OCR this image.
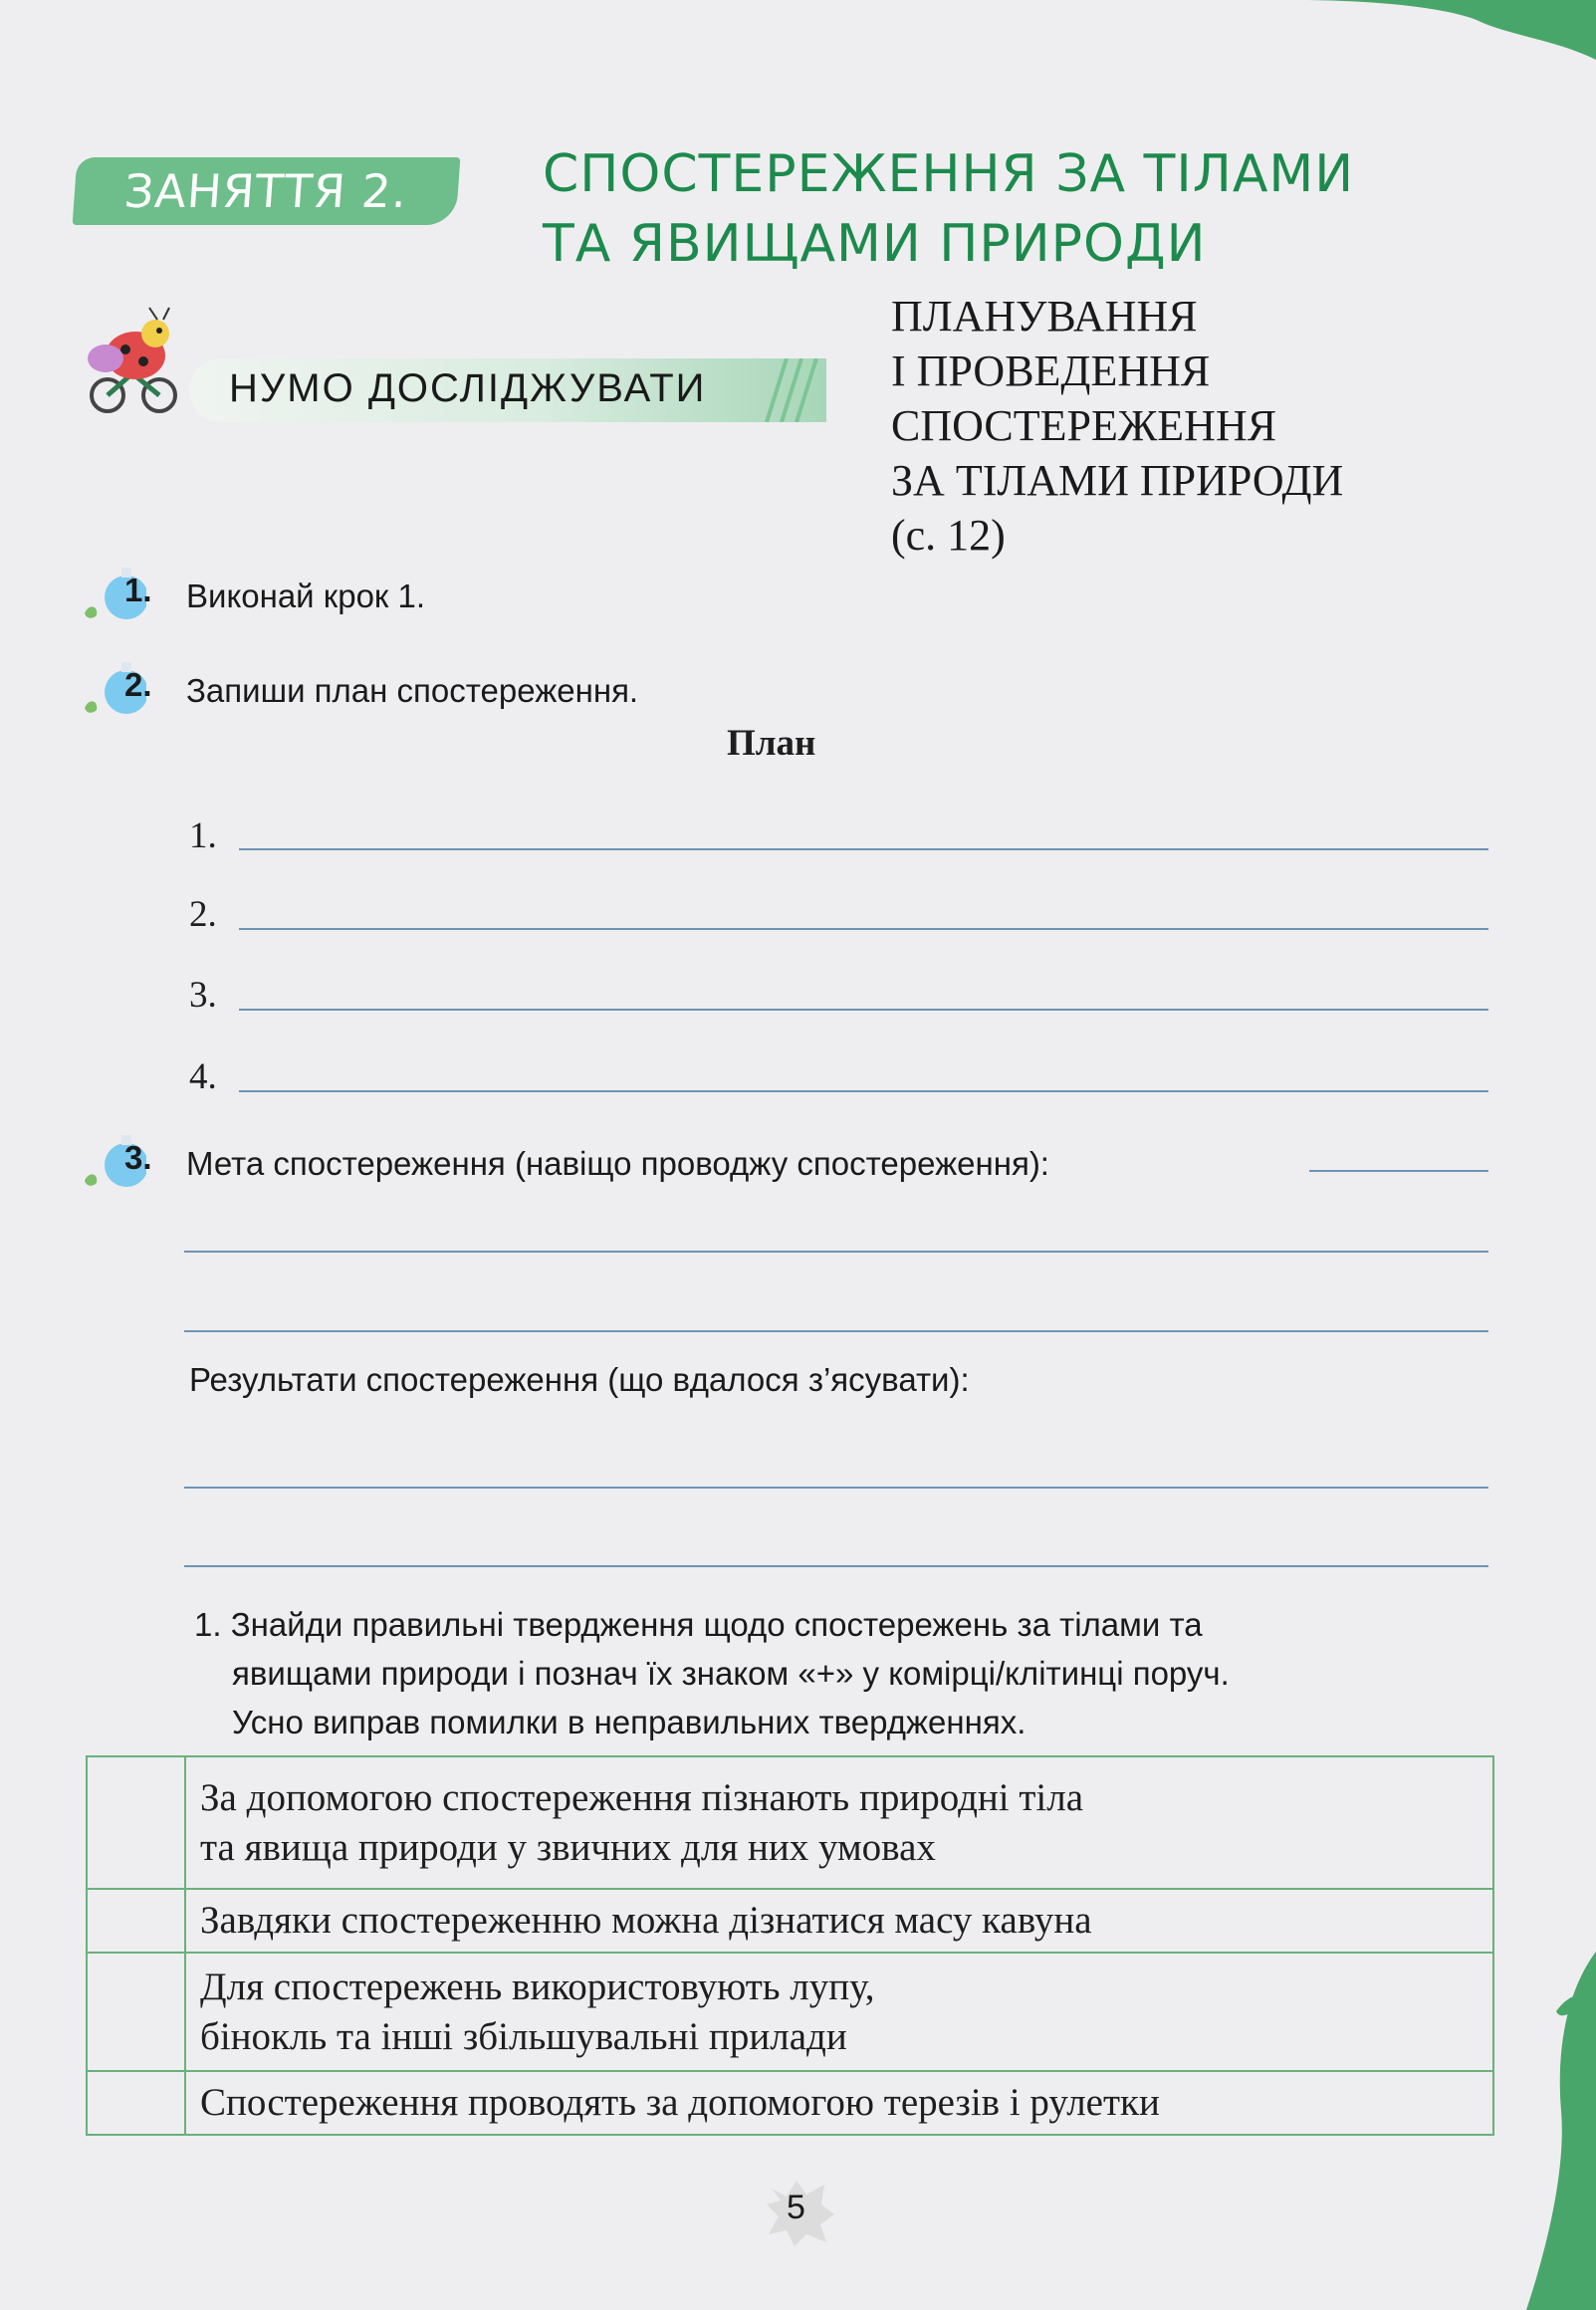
ЗАНЯТТЯ 2.	СПОСТЕРЕЖЕННЯ ЗА ТІЛАМИ
ТА ЯВИЩАМИ ПРИРОДИ
НУМО ДОСЛІДЖУВАТИ
ПЛАНУВАННЯ
І ПРОВЕДЕННЯ
СПОСТЕРЕЖЕННЯ
ЗА ТІЛАМИ ПРИРОДИ
(с. 12)
1.	Виконай крок 1.
2.	Запиши план спостереження.
План
1.
2.
3.
4.
3.	Мета спостереження (навіщо проводжу спостереження):
Результати спостереження (що вдалося з’ясувати):
1. Знайди правильні твердження щодо спостережень за тілами та
явищами природи і познач їх знаком «+» у комірці/клітинці поруч.
Усно виправ помилки в неправильних твердженнях.

	За допомогою спостереження пізнають природні тіла
та явища природи у звичних для них умовах

	Завдяки спостереженню можна дізнатися масу кавуна

	Для спостережень використовують лупу,
бінокль та інші збільшувальні прилади

	Спостереження проводять за допомогою терезів і рулетки
5
